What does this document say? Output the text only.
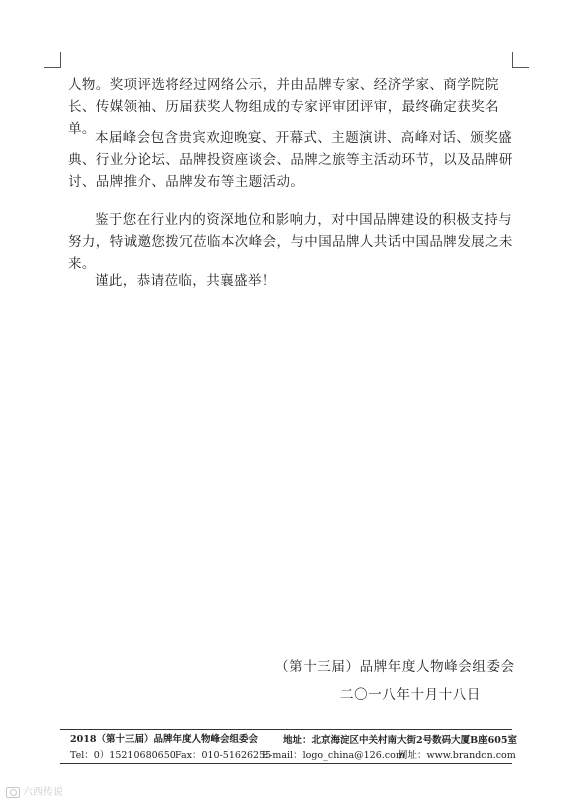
人物。奖项评选将经过网络公示，并由品牌专家、经济学家、商学院院长、传媒领袖、历届获奖人物组成的专家评审团评审，最终确定获奖名单。

本届峰会包含贵宾欢迎晚宴、开幕式、主题演讲、高峰对话、颁奖盛典、行业分论坛、品牌投资座谈会、品牌之旅等主活动环节，以及品牌研讨、品牌推介、品牌发布等主题活动。

鉴于您在行业内的资深地位和影响力，对中国品牌建设的积极支持与努力，特诚邀您拨冗莅临本次峰会，与中国品牌人共话中国品牌发展之未来。

谨此，恭请莅临，共襄盛举！

（第十三届）品牌年度人物峰会组委会
二〇一八年十月十八日
2018（第十三届）品牌年度人物峰会组委会	地址：北京海淀区中关村南大街2号数码大厦B座605室
Tel：0）15210680650 Fax：010-51626255
E-mail：logo_china@126.com
网址：www.brandcn.com
六西传说
